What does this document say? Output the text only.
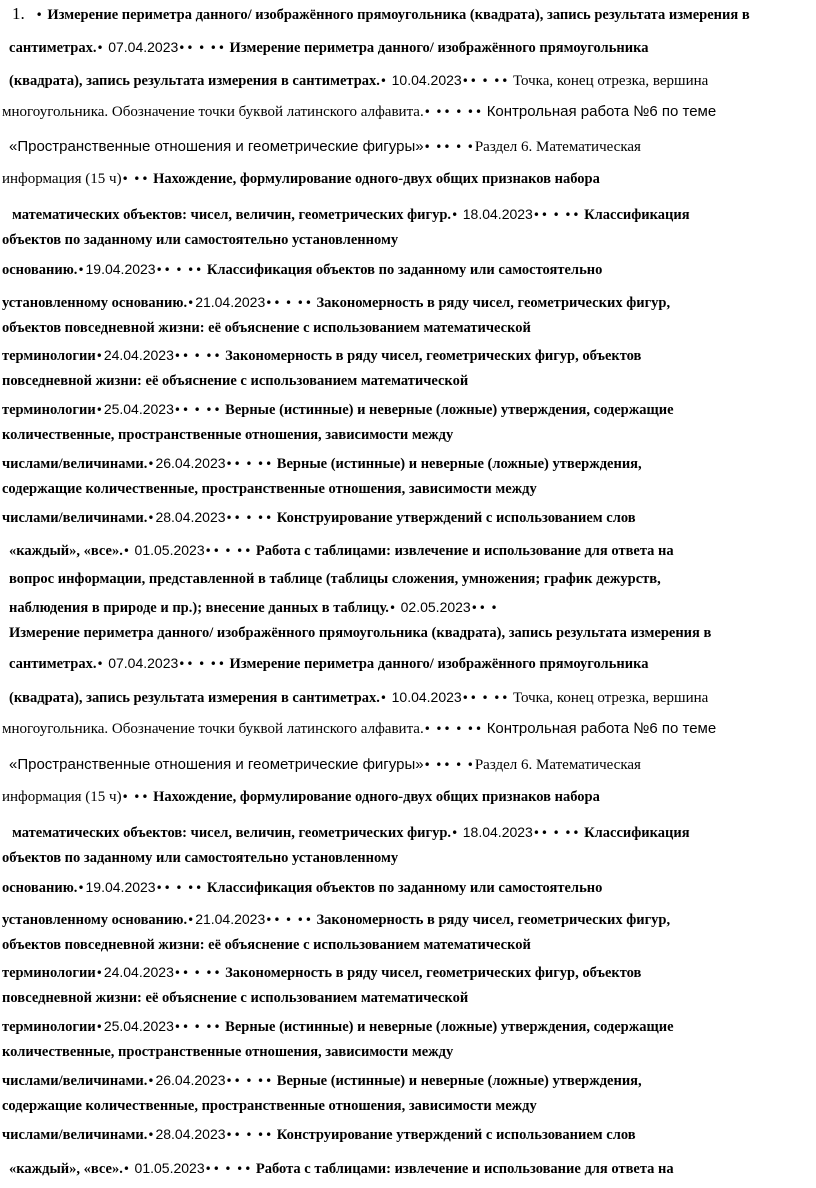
1. • Измерение периметра данного/ изображённого прямоугольника (квадрата), запись результата измерения в
сантиметрах.• 07.04.2023•• • •• Измерение периметра данного/ изображённого прямоугольника
(квадрата), запись результата измерения в сантиметрах.• 10.04.2023•• • •• Точка, конец отрезка, вершина
многоугольника. Обозначение точки буквой латинского алфавита.• •• • •• Контрольная работа №6 по теме
«Пространственные отношения и геометрические фигуры»• •• • •Раздел 6. Математическая
информация (15 ч)• •• Нахождение, формулирование одного-двух общих признаков набора
математических объектов: чисел, величин, геометрических фигур.• 18.04.2023•• • •• Классификация
объектов по заданному или самостоятельно установленному
основанию.•19.04.2023•• • •• Классификация объектов по заданному или самостоятельно
установленному основанию.•21.04.2023•• • •• Закономерность в ряду чисел, геометрических фигур,
объектов повседневной жизни: её объяснение с использованием математической
терминологии•24.04.2023•• • •• Закономерность в ряду чисел, геометрических фигур, объектов
повседневной жизни: её объяснение с использованием математической
терминологии•25.04.2023•• • •• Верные (истинные) и неверные (ложные) утверждения, содержащие
количественные, пространственные отношения, зависимости между
числами/величинами.•26.04.2023•• • •• Верные (истинные) и неверные (ложные) утверждения,
содержащие количественные, пространственные отношения, зависимости между
числами/величинами.•28.04.2023•• • •• Конструирование утверждений с использованием слов
«каждый», «все».• 01.05.2023•• • •• Работа с таблицами: извлечение и использование для ответа на
вопрос информации, представленной в таблице (таблицы сложения, умножения; график дежурств,
наблюдения в природе и пр.); внесение данных в таблицу.• 02.05.2023•• •
Измерение периметра данного/ изображённого прямоугольника (квадрата), запись результата измерения в
сантиметрах.• 07.04.2023•• • •• Измерение периметра данного/ изображённого прямоугольника
(квадрата), запись результата измерения в сантиметрах.• 10.04.2023•• • •• Точка, конец отрезка, вершина
многоугольника. Обозначение точки буквой латинского алфавита.• •• • •• Контрольная работа №6 по теме
«Пространственные отношения и геометрические фигуры»• •• • •Раздел 6. Математическая
информация (15 ч)• •• Нахождение, формулирование одного-двух общих признаков набора
математических объектов: чисел, величин, геометрических фигур.• 18.04.2023•• • •• Классификация
объектов по заданному или самостоятельно установленному
основанию.•19.04.2023•• • •• Классификация объектов по заданному или самостоятельно
установленному основанию.•21.04.2023•• • •• Закономерность в ряду чисел, геометрических фигур,
объектов повседневной жизни: её объяснение с использованием математической
терминологии•24.04.2023•• • •• Закономерность в ряду чисел, геометрических фигур, объектов
повседневной жизни: её объяснение с использованием математической
терминологии•25.04.2023•• • •• Верные (истинные) и неверные (ложные) утверждения, содержащие
количественные, пространственные отношения, зависимости между
числами/величинами.•26.04.2023•• • •• Верные (истинные) и неверные (ложные) утверждения,
содержащие количественные, пространственные отношения, зависимости между
числами/величинами.•28.04.2023•• • •• Конструирование утверждений с использованием слов
«каждый», «все».• 01.05.2023•• • •• Работа с таблицами: извлечение и использование для ответа на
